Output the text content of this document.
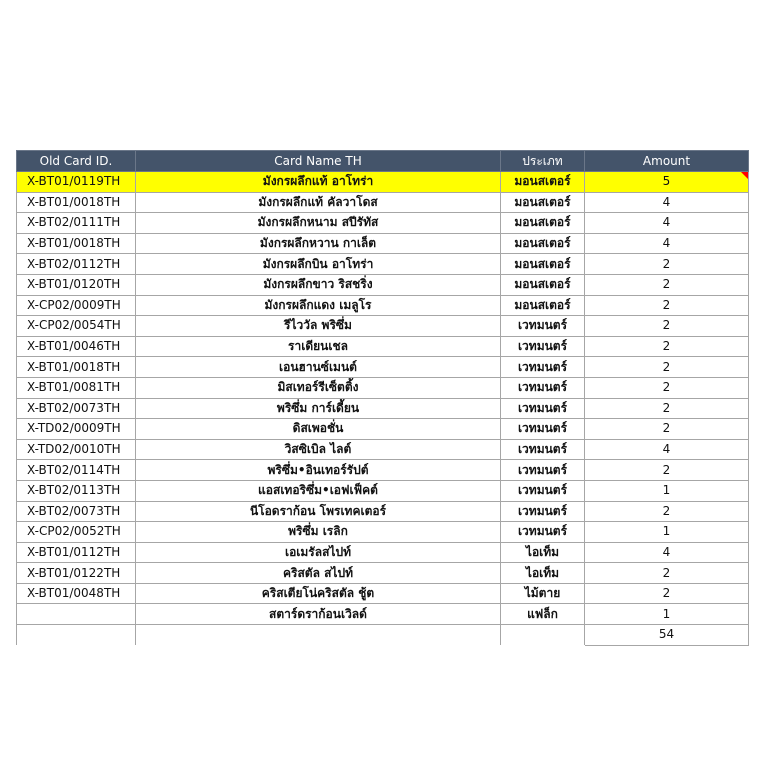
Old Card ID.	Card Name TH	ประเภท	Amount
X-BT01/0119TH	มังกรผลึกแท้ อาโทร่า	มอนสเตอร์	5
X-BT01/0018TH	มังกรผลึกแท้ คัลวาโดส	มอนสเตอร์	4
X-BT02/0111TH	มังกรผลึกหนาม สปีรัทัส	มอนสเตอร์	4
X-BT01/0018TH	มังกรผลึกหวาน กาเล็ต	มอนสเตอร์	4
X-BT02/0112TH	มังกรผลึกบิน อาโทร่า	มอนสเตอร์	2
X-BT01/0120TH	มังกรผลึกขาว ริสชริ่ง	มอนสเตอร์	2
X-CP02/0009TH	มังกรผลึกแดง เมลูโร	มอนสเตอร์	2
X-CP02/0054TH	รีไววัล พริซึ่ม	เวทมนตร์	2
X-BT01/0046TH	ราเดียนเชล	เวทมนตร์	2
X-BT01/0018TH	เอนฮานซ์เมนต์	เวทมนตร์	2
X-BT01/0081TH	มิสเทอร์รีเซ็ตติ้ง	เวทมนตร์	2
X-BT02/0073TH	พริซึ่ม การ์เดี้ยน	เวทมนตร์	2
X-TD02/0009TH	ดิสเพอชั่น	เวทมนตร์	2
X-TD02/0010TH	วิสซิเบิล ไลต์	เวทมนตร์	4
X-BT02/0114TH	พริซึ่ม•อินเทอร์รัปต์	เวทมนตร์	2
X-BT02/0113TH	แอสเทอริซึ่ม•เอฟเฟ็คต์	เวทมนตร์	1
X-BT02/0073TH	นีโอดราก้อน โพรเทคเตอร์	เวทมนตร์	2
X-CP02/0052TH	พริซึ่ม เรลิก	เวทมนตร์	1
X-BT01/0112TH	เอเมรัลสไปท์	ไอเท็ม	4
X-BT01/0122TH	คริสตัล สไปท์	ไอเท็ม	2
X-BT01/0048TH	คริสเตียโน่คริสตัล ชู้ต	ไม้ตาย	2
	สตาร์ดราก้อนเวิลด์	แฟล็ก	1
			54
